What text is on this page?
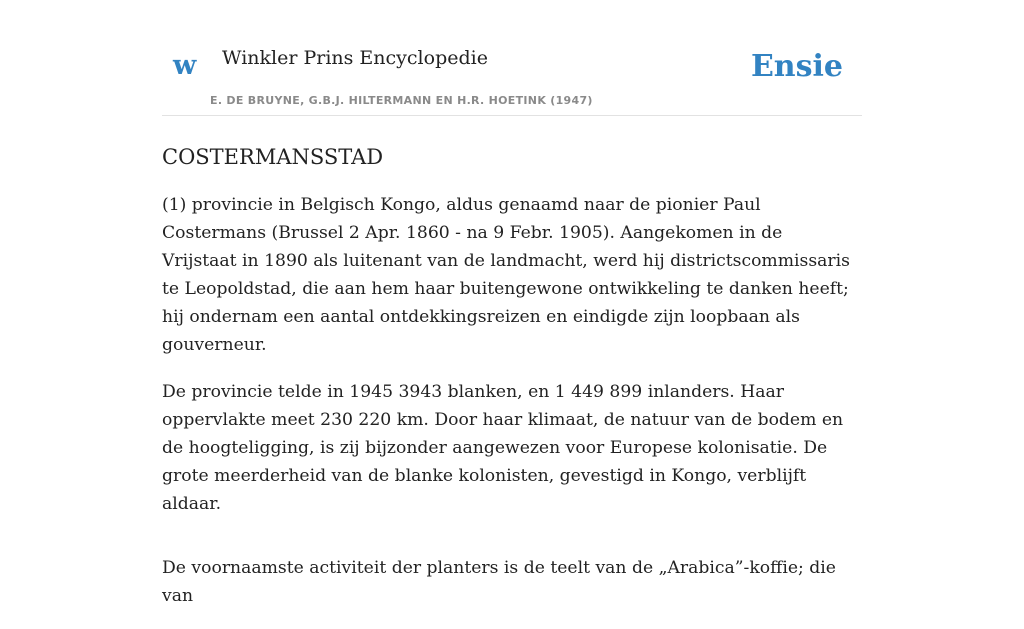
w Winkler Prins Encyclopedie
E. DE BRUYNE, G.B.J. HILTERMANN EN H.R. HOETINK (1947)
Ensie
COSTERMANSSTAD

(1) provincie in Belgisch Kongo, aldus genaamd naar de pionier Paul Costermans (Brussel 2 Apr. 1860 - na 9 Febr. 1905). Aangekomen in de Vrijstaat in 1890 als luitenant van de landmacht, werd hij districtscommissaris te Leopoldstad, die aan hem haar buitengewone ontwikkeling te danken heeft; hij ondernam een aantal ontdekkingsreizen en eindigde zijn loopbaan als gouverneur.

De provincie telde in 1945 3943 blanken, en 1 449 899 inlanders. Haar oppervlakte meet 230 220 km. Door haar klimaat, de natuur van de bodem en de hoogteligging, is zij bijzonder aangewezen voor Europese kolonisatie. De grote meerderheid van de blanke kolonisten, gevestigd in Kongo, verblijft aldaar.

De voornaamste activiteit der planters is de teelt van de „Arabica”-koffie; die van
